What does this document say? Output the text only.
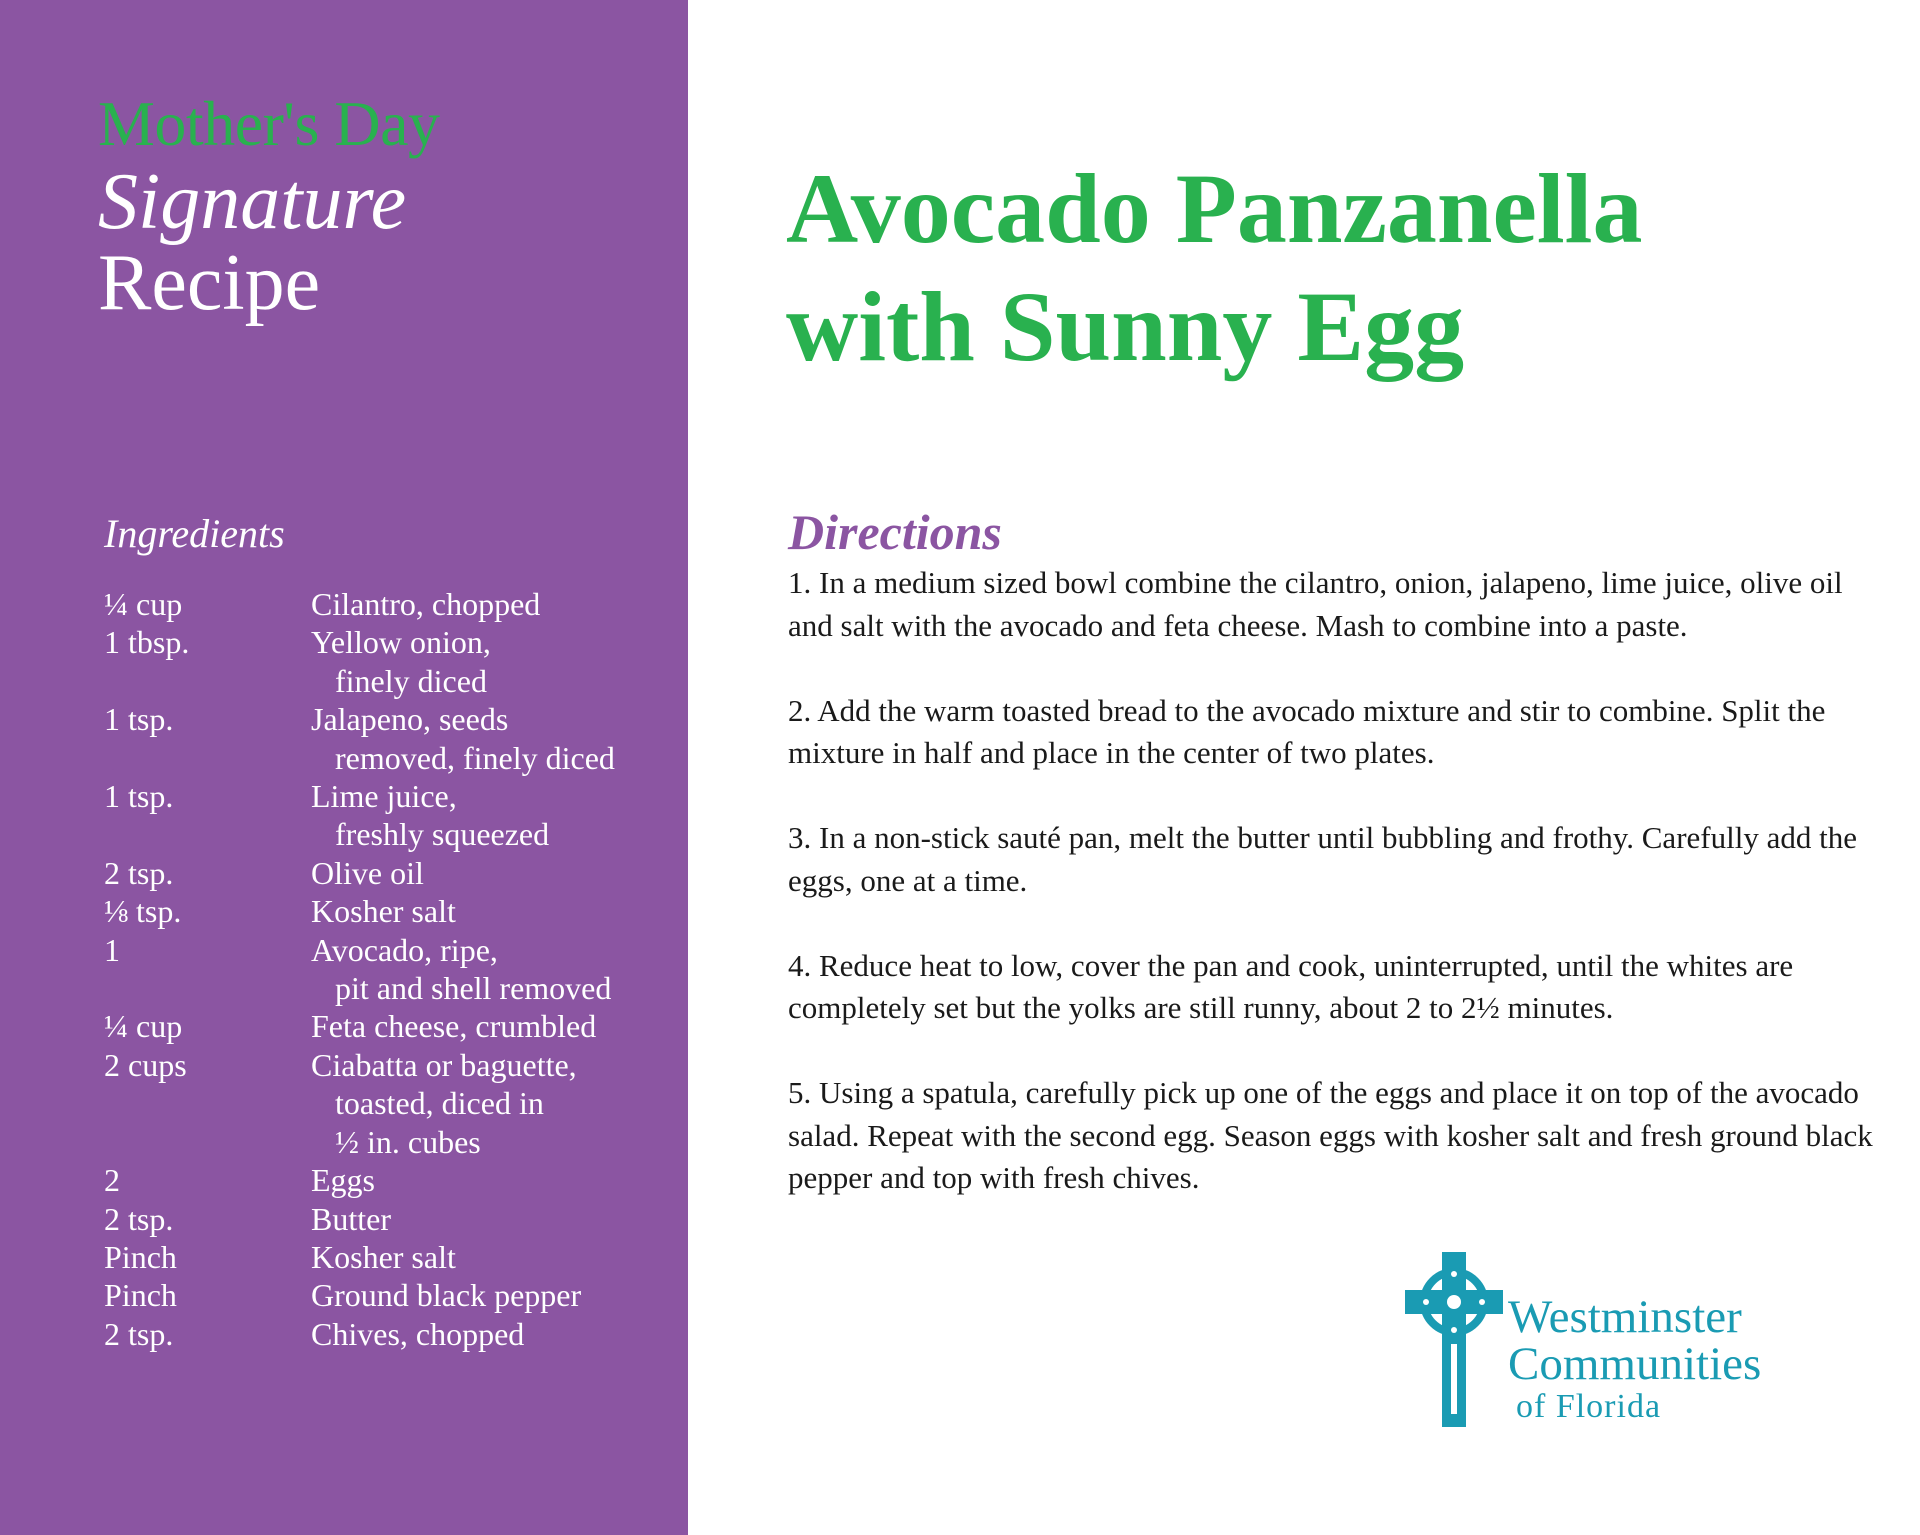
Mother's Day
Signature
Recipe
Ingredients
¼ cup	Cilantro, chopped
1 tbsp.	Yellow onion,
finely diced
1 tsp.	Jalapeno, seeds
removed, finely diced
1 tsp.	Lime juice,
freshly squeezed
2 tsp.	Olive oil
⅛ tsp.	Kosher salt
1	Avocado, ripe,
pit and shell removed
¼ cup	Feta cheese, crumbled
2 cups	Ciabatta or baguette,
toasted, diced in
½ in. cubes
2	Eggs
2 tsp.	Butter
Pinch	Kosher salt
Pinch	Ground black pepper
2 tsp.	Chives, chopped
Avocado Panzanella
with Sunny Egg
Directions

1. In a medium sized bowl combine the cilantro, onion, jalapeno, lime juice, olive oil and salt with the avocado and feta cheese. Mash to combine into a paste.

2. Add the warm toasted bread to the avocado mixture and stir to combine. Split the mixture in half and place in the center of two plates.

3. In a non-stick sauté pan, melt the butter until bubbling and frothy. Carefully add the eggs, one at a time.

4. Reduce heat to low, cover the pan and cook, uninterrupted, until the whites are completely set but the yolks are still runny, about 2 to 2½ minutes.

5. Using a spatula, carefully pick up one of the eggs and place it on top of the avocado salad. Repeat with the second egg. Season eggs with kosher salt and fresh ground black pepper and top with fresh chives.

Westminster
Communities
of Florida
